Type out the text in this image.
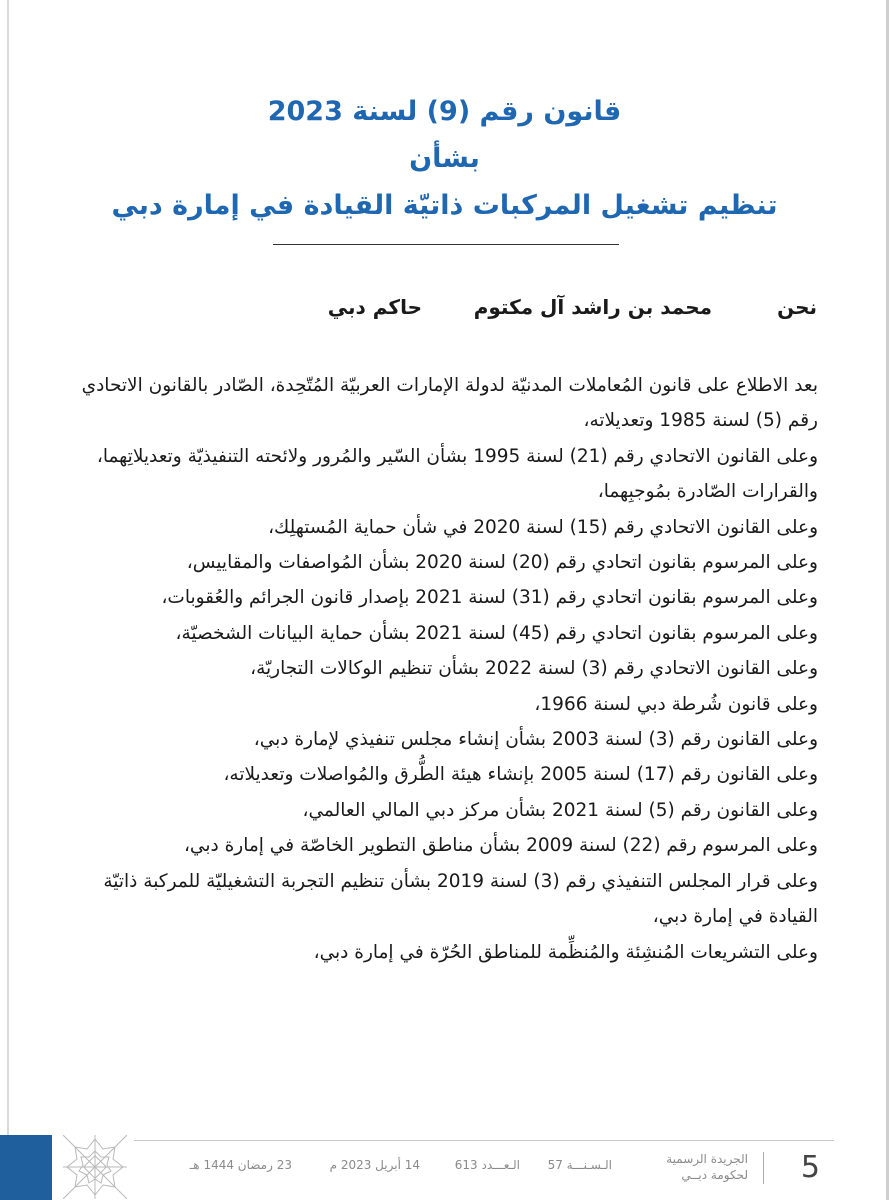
قانون رقم (9) لسنة 2023
بشأن
تنظيم تشغيل المركبات ذاتيّة القيادة في إمارة دبي
نحن
محمد بن راشد آل مكتوم
حاكم دبي

بعد الاطلاع على قانون المُعاملات المدنيّة لدولة الإمارات العربيّة المُتّحِدة، الصّادر بالقانون الاتحادي رقم (5) لسنة 1985 وتعديلاته،

وعلى القانون الاتحادي رقم (21) لسنة 1995 بشأن السّير والمُرور ولائحته التنفيذيّة وتعديلاتِهما، والقرارات الصّادرة بمُوجبِهما،

وعلى القانون الاتحادي رقم (15) لسنة 2020 في شأن حماية المُستهلِك،

وعلى المرسوم بقانون اتحادي رقم (20) لسنة 2020 بشأن المُواصفات والمقاييس،

وعلى المرسوم بقانون اتحادي رقم (31) لسنة 2021 بإصدار قانون الجرائم والعُقوبات،

وعلى المرسوم بقانون اتحادي رقم (45) لسنة 2021 بشأن حماية البيانات الشخصيّة،

وعلى القانون الاتحادي رقم (3) لسنة 2022 بشأن تنظيم الوكالات التجاريّة،

وعلى قانون شُرطة دبي لسنة 1966،

وعلى القانون رقم (3) لسنة 2003 بشأن إنشاء مجلس تنفيذي لإمارة دبي،

وعلى القانون رقم (17) لسنة 2005 بإنشاء هيئة الطُّرق والمُواصلات وتعديلاته،

وعلى القانون رقم (5) لسنة 2021 بشأن مركز دبي المالي العالمي،

وعلى المرسوم رقم (22) لسنة 2009 بشأن مناطق التطوير الخاصّة في إمارة دبي،

وعلى قرار المجلس التنفيذي رقم (3) لسنة 2019 بشأن تنظيم التجربة التشغيليّة للمركبة ذاتيّة القيادة في إمارة دبي،

وعلى التشريعات المُنشِئة والمُنظِّمة للمناطق الحُرّة في إمارة دبي،

5
الجريدة الرسمية
لحكومة دبــي
الـسـنـــة 57
الـعـــدد 613
14 أبريل 2023 م
23 رمضان 1444 هـ
